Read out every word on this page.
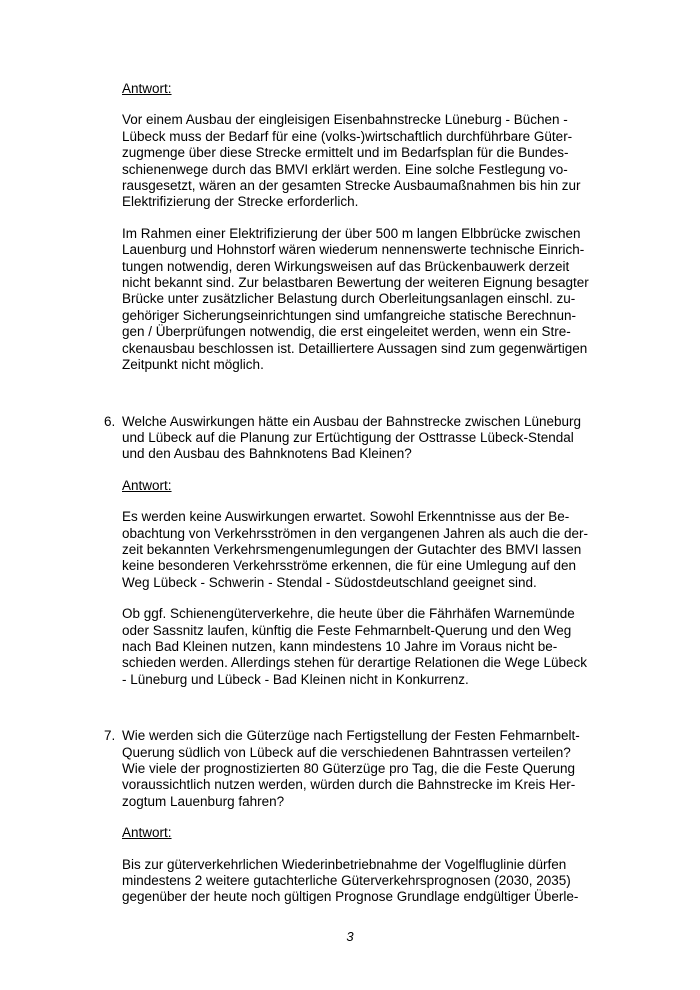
Antwort:
Vor einem Ausbau der eingleisigen Eisenbahnstrecke Lüneburg - Büchen -
Lübeck muss der Bedarf für eine (volks-)wirtschaftlich durchführbare Güter-
zugmenge über diese Strecke ermittelt und im Bedarfsplan für die Bundes-
schienenwege durch das BMVI erklärt werden. Eine solche Festlegung vo-
rausgesetzt, wären an der gesamten Strecke Ausbaumaßnahmen bis hin zur
Elektrifizierung der Strecke erforderlich.
Im Rahmen einer Elektrifizierung der über 500 m langen Elbbrücke zwischen
Lauenburg und Hohnstorf wären wiederum nennenswerte technische Einrich-
tungen notwendig, deren Wirkungsweisen auf das Brückenbauwerk derzeit
nicht bekannt sind. Zur belastbaren Bewertung der weiteren Eignung besagter
Brücke unter zusätzlicher Belastung durch Oberleitungsanlagen einschl. zu-
gehöriger Sicherungseinrichtungen sind umfangreiche statische Berechnun-
gen / Überprüfungen notwendig, die erst eingeleitet werden, wenn ein Stre-
ckenausbau beschlossen ist. Detailliertere Aussagen sind zum gegenwärtigen
Zeitpunkt nicht möglich.
6. Welche Auswirkungen hätte ein Ausbau der Bahnstrecke zwischen Lüneburg
und Lübeck auf die Planung zur Ertüchtigung der Osttrasse Lübeck-Stendal
und den Ausbau des Bahnknotens Bad Kleinen?
Antwort:
Es werden keine Auswirkungen erwartet. Sowohl Erkenntnisse aus der Be-
obachtung von Verkehrsströmen in den vergangenen Jahren als auch die der-
zeit bekannten Verkehrsmengenumlegungen der Gutachter des BMVI lassen
keine besonderen Verkehrsströme erkennen, die für eine Umlegung auf den
Weg Lübeck - Schwerin - Stendal - Südostdeutschland geeignet sind.
Ob ggf. Schienengüterverkehre, die heute über die Fährhäfen Warnemünde
oder Sassnitz laufen, künftig die Feste Fehmarnbelt-Querung und den Weg
nach Bad Kleinen nutzen, kann mindestens 10 Jahre im Voraus nicht be-
schieden werden. Allerdings stehen für derartige Relationen die Wege Lübeck
- Lüneburg und Lübeck - Bad Kleinen nicht in Konkurrenz.
7. Wie werden sich die Güterzüge nach Fertigstellung der Festen Fehmarnbelt-
Querung südlich von Lübeck auf die verschiedenen Bahntrassen verteilen?
Wie viele der prognostizierten 80 Güterzüge pro Tag, die die Feste Querung
voraussichtlich nutzen werden, würden durch die Bahnstrecke im Kreis Her-
zogtum Lauenburg fahren?
Antwort:
Bis zur güterverkehrlichen Wiederinbetriebnahme der Vogelfluglinie dürfen
mindestens 2 weitere gutachterliche Güterverkehrsprognosen (2030, 2035)
gegenüber der heute noch gültigen Prognose Grundlage endgültiger Überle-
3
